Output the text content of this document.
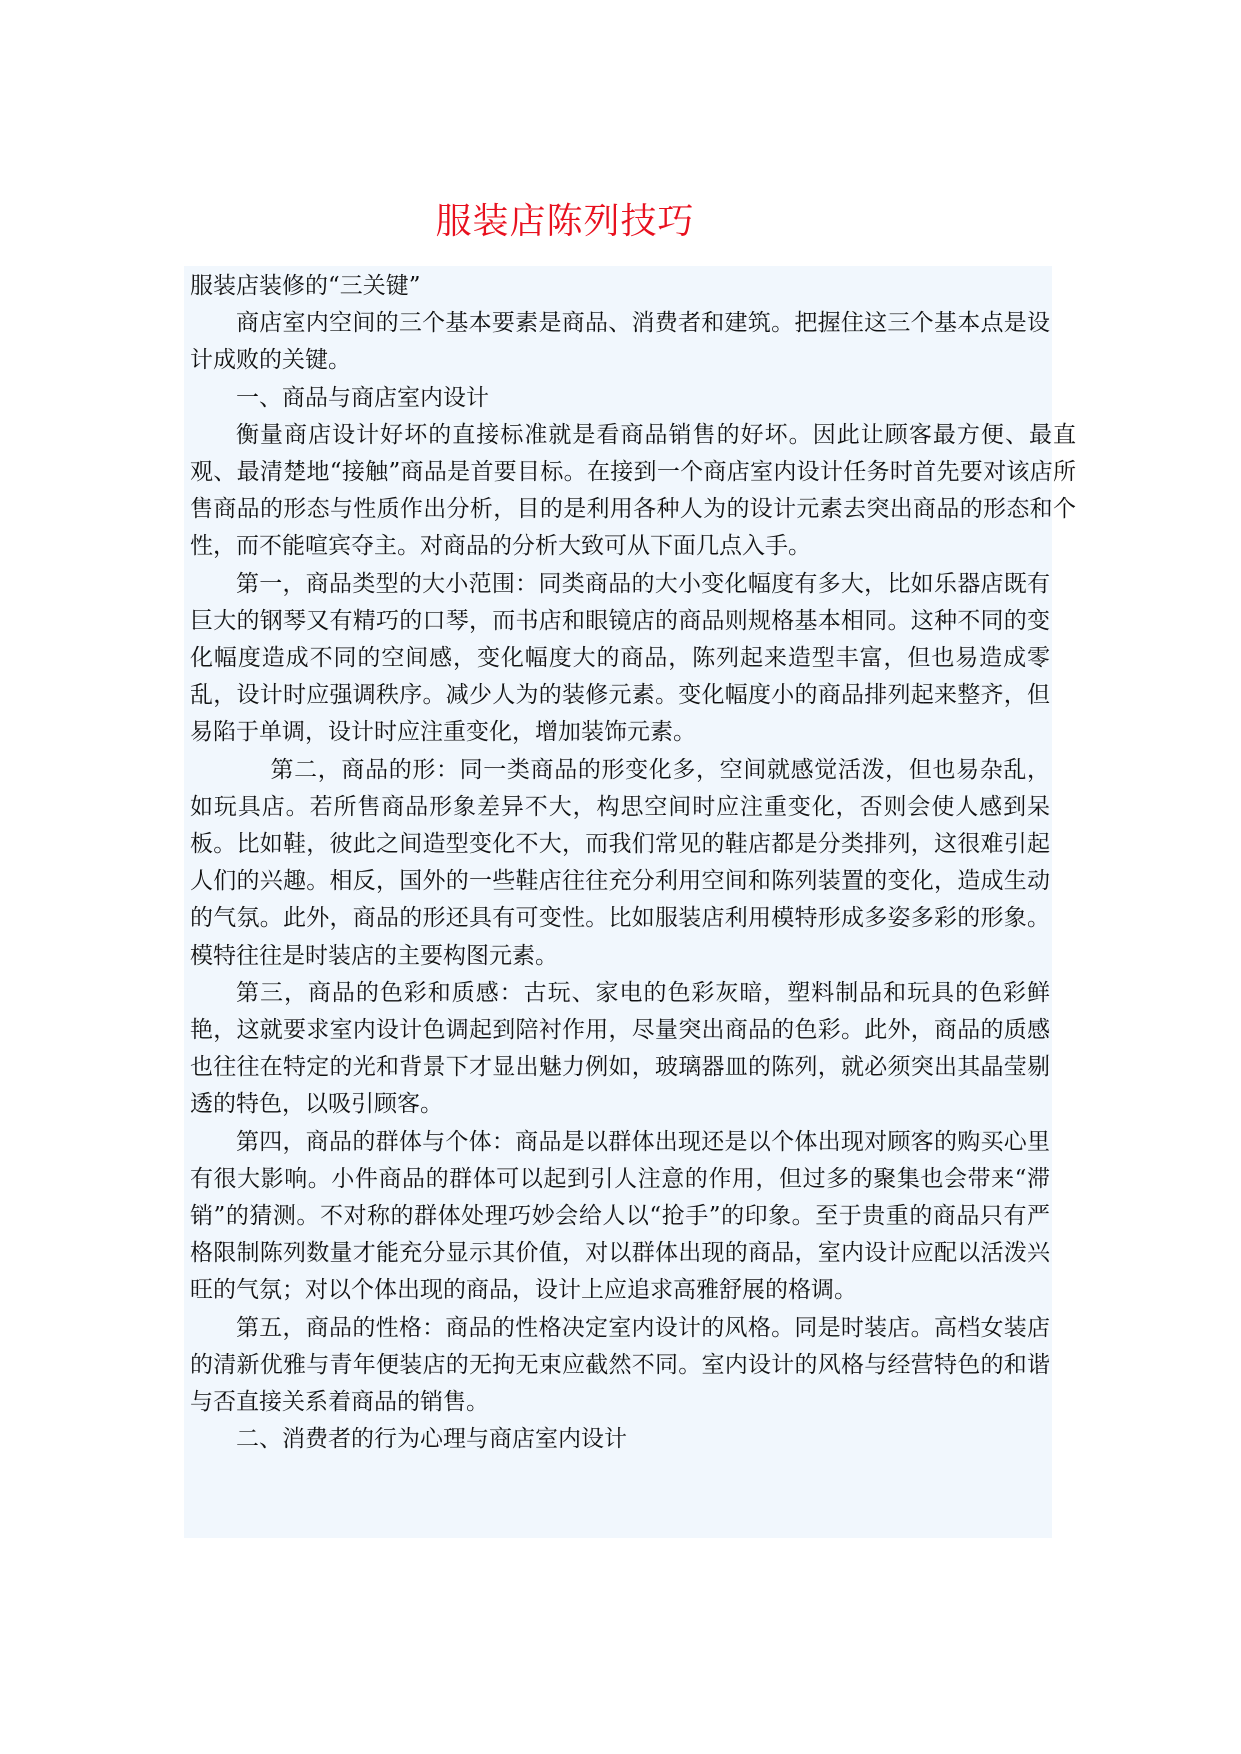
服装店陈列技巧

服装店装修的“三关键”

商店室内空间的三个基本要素是商品、消费者和建筑。把握住这三个基本点是设计成败的关键。

一、商品与商店室内设计

衡量商店设计好坏的直接标准就是看商品销售的好坏。因此让顾客最方便、最直观、最清楚地“接触”商品是首要目标。在接到一个商店室内设计任务时首先要对该店所售商品的形态与性质作出分析，目的是利用各种人为的设计元素去突出商品的形态和个性，而不能喧宾夺主。对商品的分析大致可从下面几点入手。

第一，商品类型的大小范围：同类商品的大小变化幅度有多大，比如乐器店既有巨大的钢琴又有精巧的口琴，而书店和眼镜店的商品则规格基本相同。这种不同的变化幅度造成不同的空间感，变化幅度大的商品，陈列起来造型丰富，但也易造成零乱，设计时应强调秩序。减少人为的装修元素。变化幅度小的商品排列起来整齐，但易陷于单调，设计时应注重变化，增加装饰元素。

第二，商品的形：同一类商品的形变化多，空间就感觉活泼，但也易杂乱，如玩具店。若所售商品形象差异不大，构思空间时应注重变化，否则会使人感到呆板。比如鞋，彼此之间造型变化不大，而我们常见的鞋店都是分类排列，这很难引起人们的兴趣。相反，国外的一些鞋店往往充分利用空间和陈列装置的变化，造成生动的气氛。此外，商品的形还具有可变性。比如服装店利用模特形成多姿多彩的形象。模特往往是时装店的主要构图元素。

第三，商品的色彩和质感：古玩、家电的色彩灰暗，塑料制品和玩具的色彩鲜艳，这就要求室内设计色调起到陪衬作用，尽量突出商品的色彩。此外，商品的质感也往往在特定的光和背景下才显出魅力例如，玻璃器皿的陈列，就必须突出其晶莹剔透的特色，以吸引顾客。

第四，商品的群体与个体：商品是以群体出现还是以个体出现对顾客的购买心里有很大影响。小件商品的群体可以起到引人注意的作用，但过多的聚集也会带来“滞销”的猜测。不对称的群体处理巧妙会给人以“抢手”的印象。至于贵重的商品只有严格限制陈列数量才能充分显示其价值，对以群体出现的商品，室内设计应配以活泼兴旺的气氛；对以个体出现的商品，设计上应追求高雅舒展的格调。

第五，商品的性格：商品的性格决定室内设计的风格。同是时装店。高档女装店的清新优雅与青年便装店的无拘无束应截然不同。室内设计的风格与经营特色的和谐与否直接关系着商品的销售。

二、消费者的行为心理与商店室内设计
